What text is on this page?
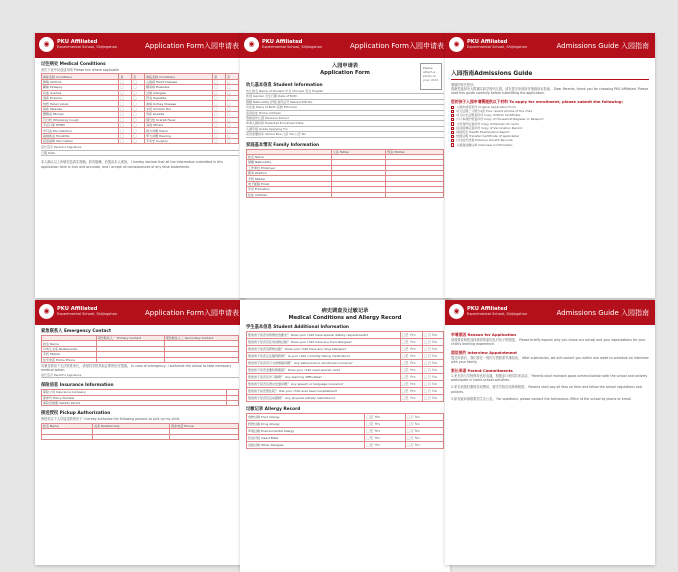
◉	PKU Affiliated
Experimental School, Shijingshan	Application Form入园申请表
过往病史 Medical Conditions
请在下表中勾选适用项 Please tick where applicable
病症名称 Conditions	是	否	病症名称 Conditions	是	否
哮喘 Asthma	□	□	心脏病 Heart Disease	□	□
癫痫 Epilepsy	□	□	糖尿病 Diabetes	□	□
贫血 Anemia	□	□	过敏 Allergies	□	□
湿疹 Eczema	□	□	肝炎 Hepatitis	□	□
结核 Tuberculosis	□	□	肾病 Kidney Disease	□	□
麻疹 Measles	□	□	水痘 Chicken Pox	□	□
腮腺炎 Mumps	□	□	风疹 Rubella	□	□
百日咳 Whooping Cough	□	□	猩红热 Scarlet Fever	□	□
手足口病 HFMD	□	□	其他 Others	□	□
中耳炎 Ear Infection	□	□	视力问题 Vision	□	□
扁桃体炎 Tonsillitis	□	□	听力问题 Hearing	□	□
疫苗接种 Vaccination	□	□	手术史 Surgery	□	□
家长签字 Parent's Signature
日期 Date
本人确认以上所填信息真实准确。如有隐瞒，后果由本人承担。 I hereby declare that all the information submitted in this application form is true and accurate, and I accept all consequences of any false statements.
◉	PKU Affiliated
Experimental School, Shijingshan	Application Form入园申请表
入园申请表
Application Form
Please attach a photo of your child
幼儿基本信息 Student Information
幼儿姓名 Name of Student 中文 Chinese 英文 English
性别 Gender 出生日期 Date of Birth
国籍 Nationality 护照/身份证号 Passport/ID No.
出生地 Place of Birth 民族 Ethnicity
家庭住址 Home Address
曾就读幼儿园 Previous School
申请入园时间 Expected Enrolment Date
入园年级 Grade Applying For
是否需要校车 School Bus □是 Yes □否 No
家庭基本情况 Family Information
	父亲 Father	母亲 Mother
姓名 Name		
国籍 Nationality		
工作单位 Employer		
职务 Position		
手机 Mobile		
电子邮箱 Email		
学历 Education		
住址 Address		
◉	PKU Affiliated
Experimental School, Shijingshan	Admissions Guide 入园指南
入园指南Admissions Guide
尊敬的家长您好：
感谢您选择北大附属实验学校幼儿园。请在提交申请前仔细阅读本指南。 Dear Parents, thank you for choosing PKU Affiliated. Please read this guide carefully before submitting the application.
您的孩子入园申请需提供以下材料 To apply for enrollment, please submit the following:
入园申请表原件 Original Application Form
幼儿近期二寸照片4张 Four recent photos of the child
幼儿出生证明复印件 Copy of Birth Certificate
户口本或护照复印件 Copy of Household Register or Passport
父母身份证复印件 Copy of Parents' ID cards
疫苗接种证复印件 Copy of Vaccination Record
体检报告 Health Examination Report
转园证明 Transfer Certificate (if applicable)
以往成长档案 Previous Growth Records
入园面谈确认单 Interview Confirmation
◉	PKU Affiliated
Experimental School, Shijingshan	Application Form入园申请表
紧急联系人 Emergency Contact
	紧急联系人一 Primary Contact	紧急联系人二 Secondary Contact
姓名 Name		
与幼儿关系 Relationship		
手机 Mobile		
住宅电话 Home Phone		
若紧急情况下无法联系家长，请授权学校采取必要的医疗措施。 In case of emergency, I authorize the school to take necessary medical action.
家长签字 Parent's Signature
保险信息 Insurance Information
保险公司 Insurance Company	
保单号 Policy Number	
保险有效期 Validity Period	
接送授权 Pickup Authorization
我授权以下人员接送我的孩子 I hereby authorize the following persons to pick up my child.
姓名 Name	关系 Relationship	联系电话 Phone

病史调查及过敏记录
Medical Conditions and Allergy Record
学生基本信息 Student Additional Information
您的孩子是否有特殊饮食要求？ Does your child have special dietary requirements?	□是 Yes	□否 No
您的孩子是否有任何食物过敏？ Does your child have any food allergies?	□是 Yes	□否 No
您的孩子是否有药物过敏？ Does your child have any drug allergies?	□是 Yes	□否 No
您的孩子是否正在服用药物？ Is your child currently taking medication?	□是 Yes	□否 No
您的孩子是否有行为或情绪问题？ Any behavioral or emotional concerns?	□是 Yes	□否 No
您的孩子是否需要特殊照顾？ Does your child need special care?	□是 Yes	□否 No
您的孩子是否有学习障碍？ Any learning difficulties?	□是 Yes	□否 No
您的孩子是否有语言发展问题？ Any speech or language concerns?	□是 Yes	□否 No
您的孩子是否曾住院？ Has your child ever been hospitalized?	□是 Yes	□否 No
您的孩子是否有运动限制？ Any physical activity restrictions?	□是 Yes	□否 No
过敏记录 Allergy Record
食物过敏 Food Allergy	□是 Yes	□否 No
药物过敏 Drug Allergy	□是 Yes	□否 No
环境过敏 Environmental Allergy	□是 Yes	□否 No
昆虫叮咬 Insect Bites	□是 Yes	□否 No
其他过敏 Other Allergies	□是 Yes	□否 No
◉	PKU Affiliated
Experimental School, Shijingshan	Admissions Guide 入园指南
申请原因 Reason for Application
请简要说明您选择我园的原因及对孩子的期望。 Please briefly explain why you chose our school and your expectations for your child's learning experience.
面谈预约 Interview Appointment
提交申请后，我们将在一周内与您联系安排面谈。 After submission, we will contact you within one week to schedule an interview with your family.
家长承诺 Parent Commitments
1.家长须与学校保持良好沟通，积极参与家园共育活动。 Parents shall maintain good communication with the school and actively participate in home-school activities.
2.家长须按时缴纳各项费用，遵守学校各项规章制度。 Parents shall pay all fees on time and follow the school regulations and policies.
3.如有疑问请联系招生办公室。 For questions, please contact the Admissions Office at the school by phone or email.
